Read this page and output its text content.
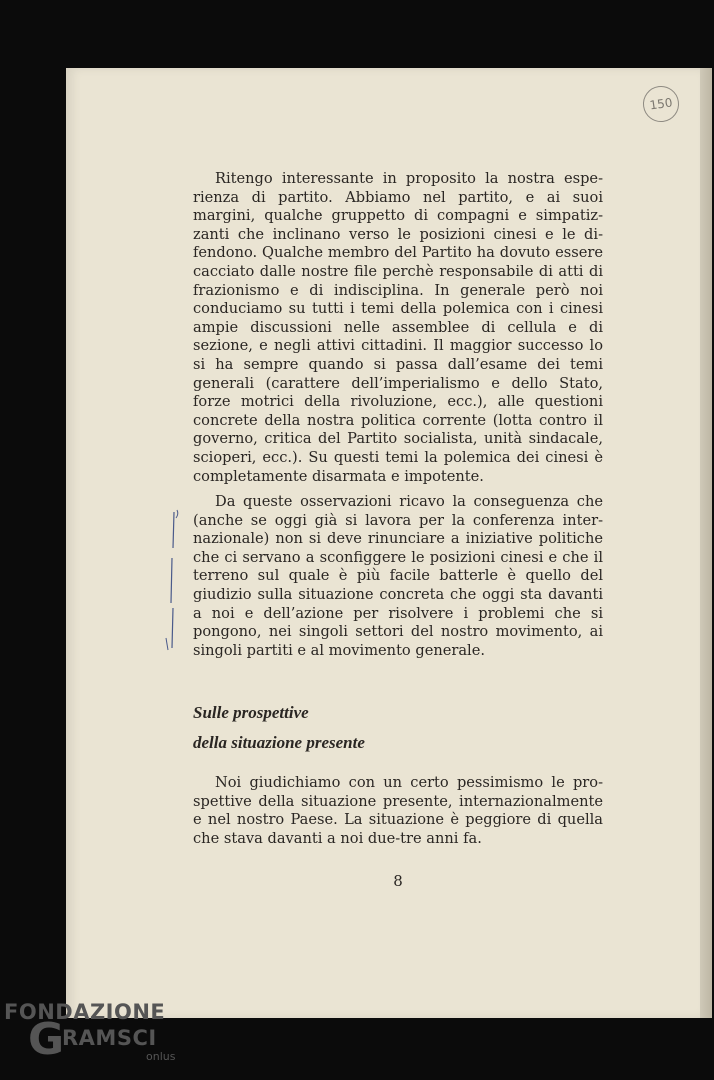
150

Ritengo interessante in proposito la nostra esperienza di partito. Abbiamo nel partito, e ai suoi margini, qualche gruppetto di compagni e simpatizzanti che inclinano verso le posizioni cinesi e le difendono. Qualche membro del Partito ha dovuto essere cacciato dalle nostre file perchè responsabile di atti di frazionismo e di indisciplina. In generale però noi conduciamo su tutti i temi della polemica con i cinesi ampie discussioni nelle assemblee di cellula e di sezione, e negli attivi cittadini. Il maggior successo lo si ha sempre quando si passa dall’esame dei temi generali (carattere dell’imperialismo e dello Stato, forze motrici della rivoluzione, ecc.), alle questioni concrete della nostra politica corrente (lotta contro il governo, critica del Partito socialista, unità sindacale, scioperi, ecc.). Su questi temi la polemica dei cinesi è completamente disarmata e impotente.

Da queste osservazioni ricavo la conseguenza che (anche se oggi già si lavora per la conferenza internazionale) non si deve rinunciare a iniziative politiche che ci servano a sconfiggere le posizioni cinesi e che il terreno sul quale è più facile batterle è quello del giudizio sulla situazione concreta che oggi sta davanti a noi e dell’azione per risolvere i problemi che si pongono, nei singoli settori del nostro movimento, ai singoli partiti e al movimento generale.

Sulle prospettive
della situazione presente

Noi giudichiamo con un certo pessimismo le prospettive della situazione presente, internazionalmente e nel nostro Paese. La situazione è peggiore di quella che stava davanti a noi due-tre anni fa.

8
FONDAZIONE
G
RAMSCI
onlus
